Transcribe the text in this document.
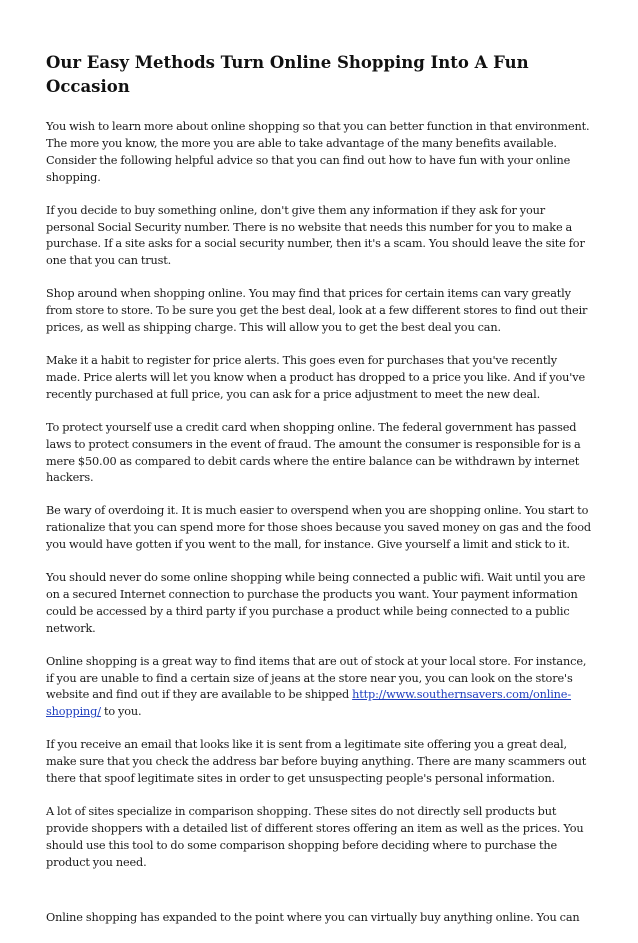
Our Easy Methods Turn Online Shopping Into A Fun Occasion

You wish to learn more about online shopping so that you can better function in that environment. The more you know, the more you are able to take advantage of the many benefits available. Consider the following helpful advice so that you can find out how to have fun with your online shopping.

If you decide to buy something online, don't give them any information if they ask for your personal Social Security number. There is no website that needs this number for you to make a purchase. If a site asks for a social security number, then it's a scam. You should leave the site for one that you can trust.

Shop around when shopping online. You may find that prices for certain items can vary greatly from store to store. To be sure you get the best deal, look at a few different stores to find out their prices, as well as shipping charge. This will allow you to get the best deal you can.

Make it a habit to register for price alerts. This goes even for purchases that you've recently made. Price alerts will let you know when a product has dropped to a price you like. And if you've recently purchased at full price, you can ask for a price adjustment to meet the new deal.

To protect yourself use a credit card when shopping online. The federal government has passed laws to protect consumers in the event of fraud. The amount the consumer is responsible for is a mere $50.00 as compared to debit cards where the entire balance can be withdrawn by internet hackers.

Be wary of overdoing it. It is much easier to overspend when you are shopping online. You start to rationalize that you can spend more for those shoes because you saved money on gas and the food you would have gotten if you went to the mall, for instance. Give yourself a limit and stick to it.

You should never do some online shopping while being connected a public wifi. Wait until you are on a secured Internet connection to purchase the products you want. Your payment information could be accessed by a third party if you purchase a product while being connected to a public network.

Online shopping is a great way to find items that are out of stock at your local store. For instance, if you are unable to find a certain size of jeans at the store near you, you can look on the store's website and find out if they are available to be shipped http://www.southernsavers.com/online-shopping/ to you.

If you receive an email that looks like it is sent from a legitimate site offering you a great deal, make sure that you check the address bar before buying anything. There are many scammers out there that spoof legitimate sites in order to get unsuspecting people's personal information.

A lot of sites specialize in comparison shopping. These sites do not directly sell products but provide shoppers with a detailed list of different stores offering an item as well as the prices. You should use this tool to do some comparison shopping before deciding where to purchase the product you need.

Online shopping has expanded to the point where you can virtually buy anything online. You can
